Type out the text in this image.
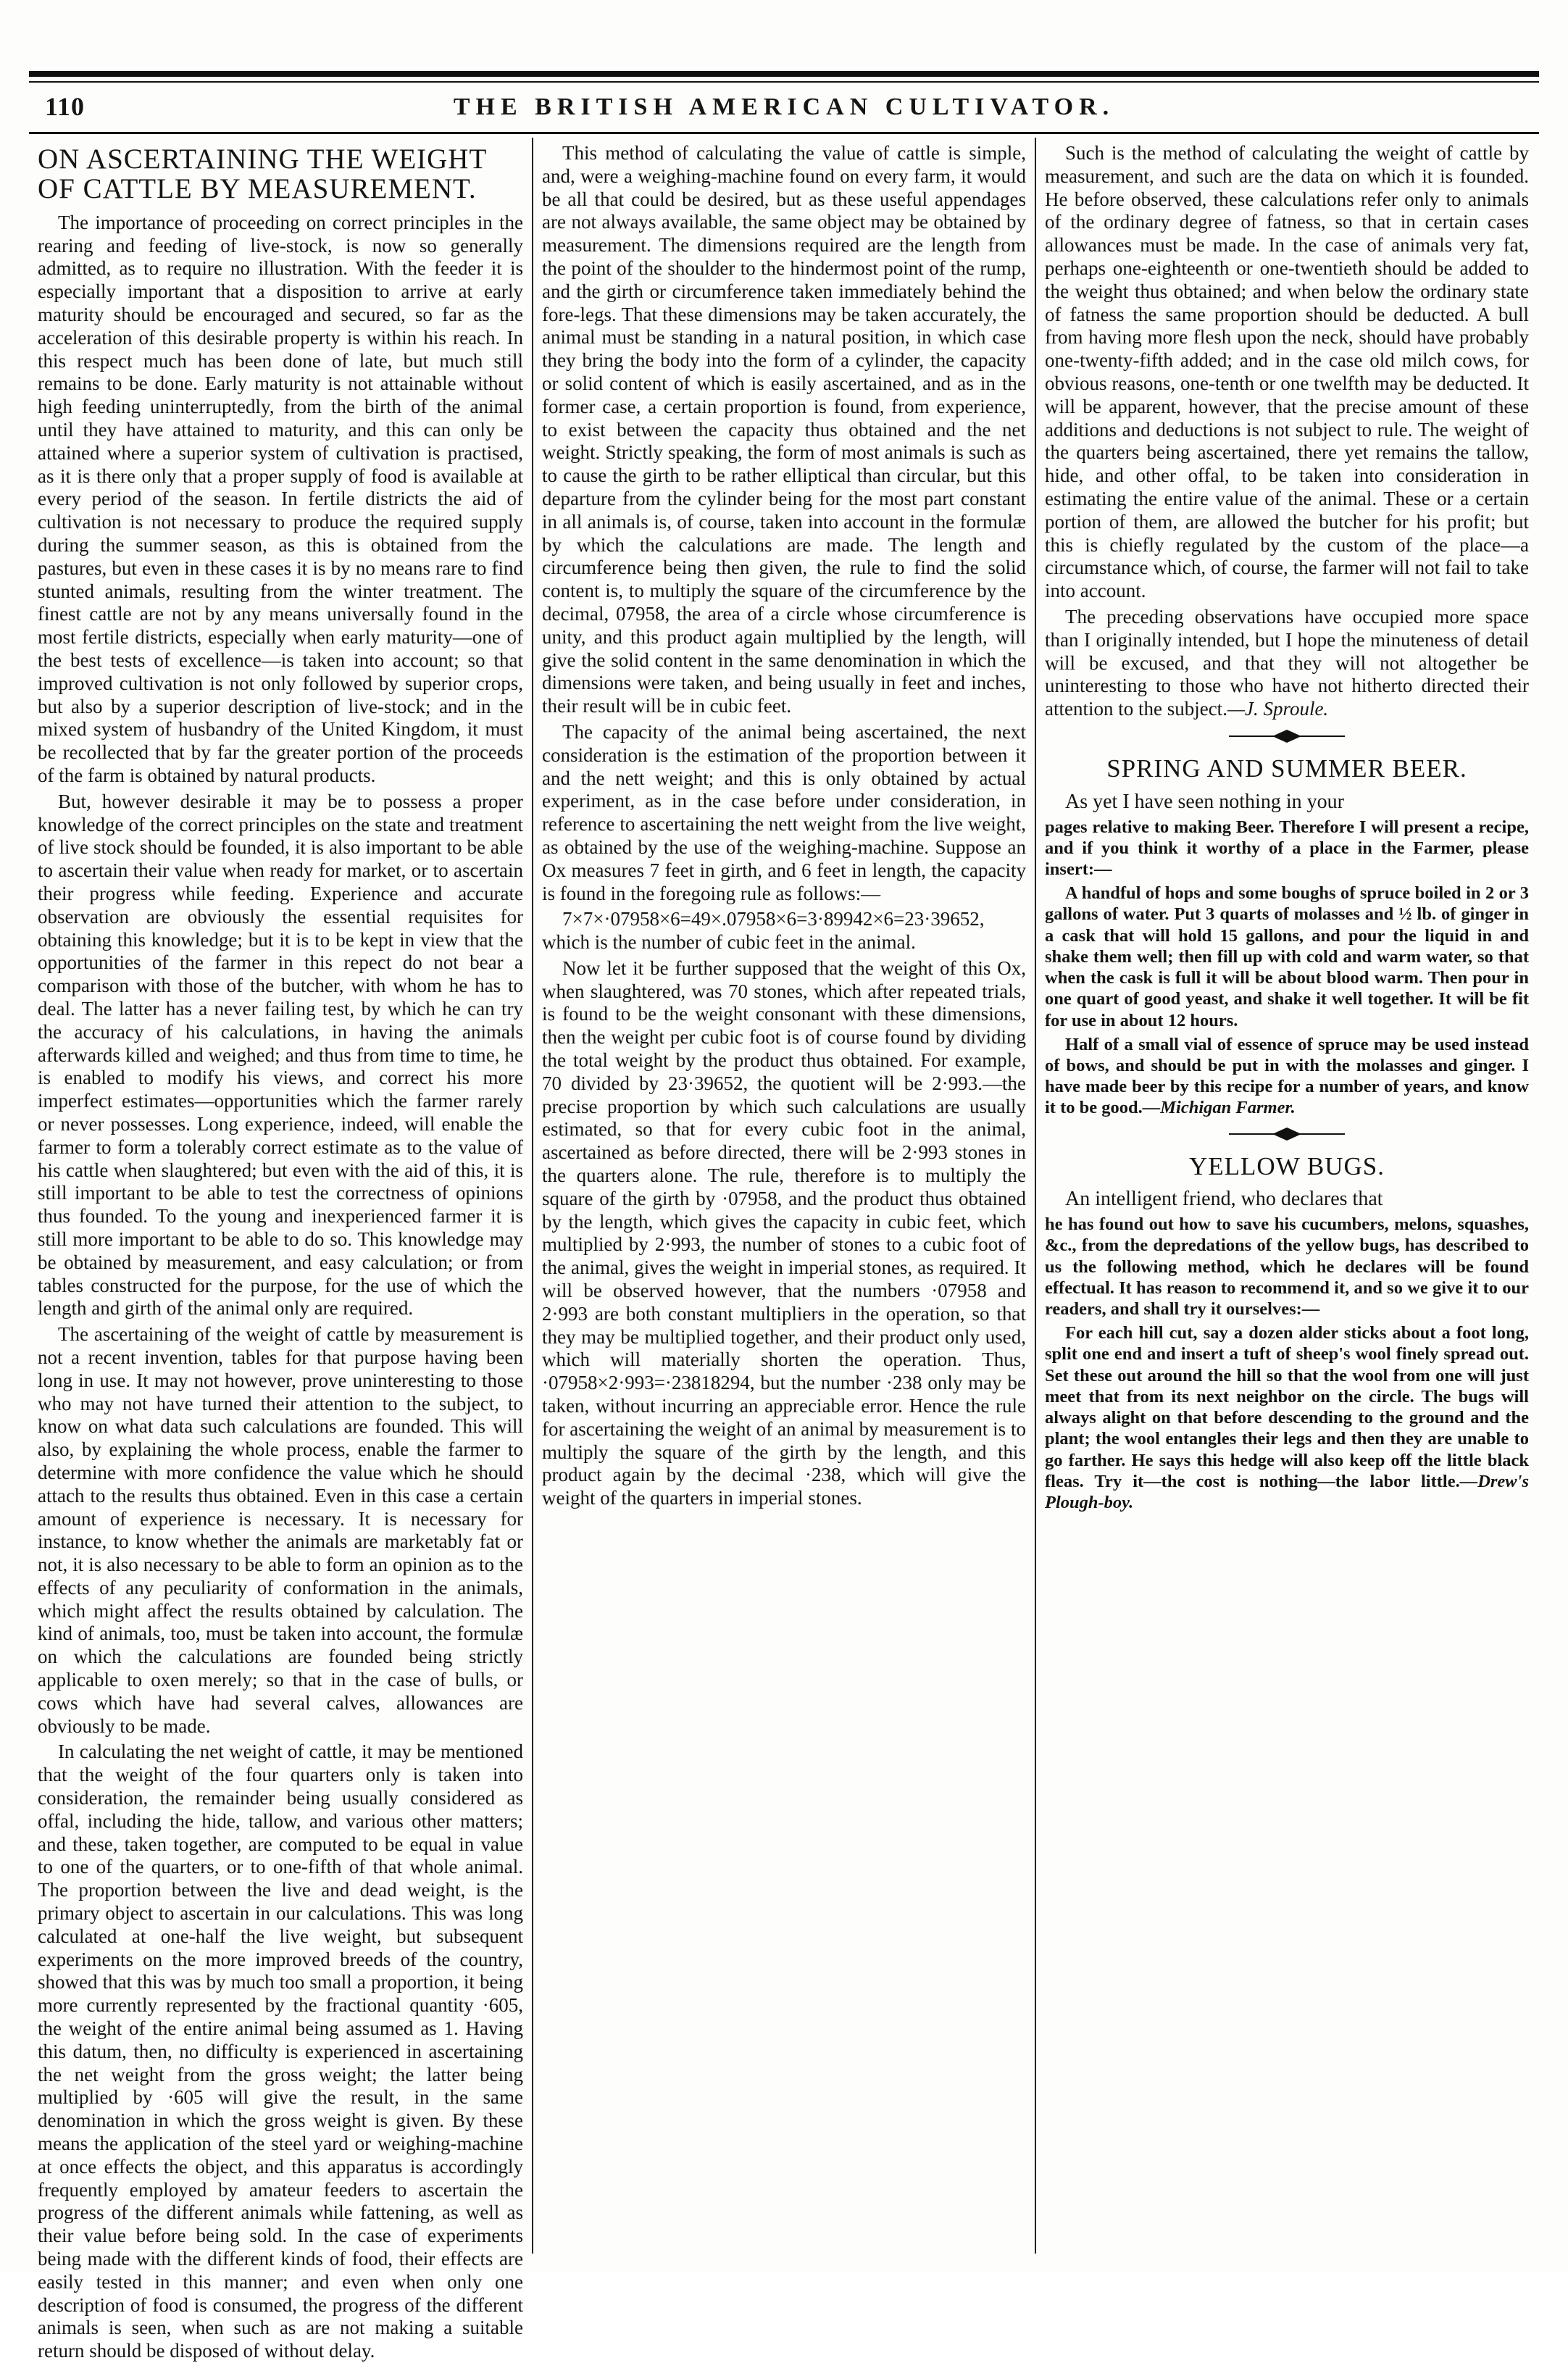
110	THE BRITISH AMERICAN CULTIVATOR.
ON ASCERTAINING THE WEIGHT OF CATTLE BY MEASUREMENT.

The importance of proceeding on correct principles in the rearing and feeding of live-stock, is now so generally admitted, as to require no illustration. With the feeder it is especially important that a disposition to arrive at early maturity should be encouraged and secured, so far as the acceleration of this desirable property is within his reach. In this respect much has been done of late, but much still remains to be done. Early maturity is not attainable without high feeding uninterruptedly, from the birth of the animal until they have attained to maturity, and this can only be attained where a superior system of cultivation is practised, as it is there only that a proper supply of food is available at every period of the season. In fertile districts the aid of cultivation is not necessary to produce the required supply during the summer season, as this is obtained from the pastures, but even in these cases it is by no means rare to find stunted animals, resulting from the winter treatment. The finest cattle are not by any means universally found in the most fertile districts, especially when early maturity—one of the best tests of excellence—is taken into account; so that improved cultivation is not only followed by superior crops, but also by a superior description of live-stock; and in the mixed system of husbandry of the United Kingdom, it must be recollected that by far the greater portion of the proceeds of the farm is obtained by natural products.

But, however desirable it may be to possess a proper knowledge of the correct principles on the state and treatment of live stock should be founded, it is also important to be able to ascertain their value when ready for market, or to ascertain their progress while feeding. Experience and accurate observation are obviously the essential requisites for obtaining this knowledge; but it is to be kept in view that the opportunities of the farmer in this repect do not bear a comparison with those of the butcher, with whom he has to deal. The latter has a never failing test, by which he can try the accuracy of his calculations, in having the animals afterwards killed and weighed; and thus from time to time, he is enabled to modify his views, and correct his more imperfect estimates—opportunities which the farmer rarely or never possesses. Long experience, indeed, will enable the farmer to form a tolerably correct estimate as to the value of his cattle when slaughtered; but even with the aid of this, it is still important to be able to test the correctness of opinions thus founded. To the young and inexperienced farmer it is still more important to be able to do so. This knowledge may be obtained by measurement, and easy calculation; or from tables constructed for the purpose, for the use of which the length and girth of the animal only are required.

The ascertaining of the weight of cattle by measurement is not a recent invention, tables for that purpose having been long in use. It may not however, prove uninteresting to those who may not have turned their attention to the subject, to know on what data such calculations are founded. This will also, by explaining the whole process, enable the farmer to determine with more confidence the value which he should attach to the results thus obtained. Even in this case a certain amount of experience is necessary. It is necessary for instance, to know whether the animals are marketably fat or not, it is also necessary to be able to form an opinion as to the effects of any peculiarity of conformation in the animals, which might affect the results obtained by calculation. The kind of animals, too, must be taken into account, the formulæ on which the calculations are founded being strictly applicable to oxen merely; so that in the case of bulls, or cows which have had several calves, allowances are obviously to be made.

In calculating the net weight of cattle, it may be mentioned that the weight of the four quarters only is taken into consideration, the remainder being usually considered as offal, including the hide, tallow, and various other matters; and these, taken together, are computed to be equal in value to one of the quarters, or to one-fifth of that whole animal. The proportion between the live and dead weight, is the primary object to ascertain in our calculations. This was long calculated at one-half the live weight, but subsequent experiments on the more improved breeds of the country, showed that this was by much too small a proportion, it being more currently represented by the fractional quantity ·605, the weight of the entire animal being assumed as 1. Having this datum, then, no difficulty is experienced in ascertaining the net weight from the gross weight; the latter being multiplied by ·605 will give the result, in the same denomination in which the gross weight is given. By these means the application of the steel yard or weighing-machine at once effects the object, and this apparatus is accordingly frequently employed by amateur feeders to ascertain the progress of the different animals while fattening, as well as their value before being sold. In the case of experiments being made with the different kinds of food, their effects are easily tested in this manner; and even when only one description of food is consumed, the progress of the different animals is seen, when such as are not making a suitable return should be disposed of without delay.

This method of calculating the value of cattle is simple, and, were a weighing-machine found on every farm, it would be all that could be desired, but as these useful appendages are not always available, the same object may be obtained by measurement. The dimensions required are the length from the point of the shoulder to the hindermost point of the rump, and the girth or circumference taken immediately behind the fore-legs. That these dimensions may be taken accurately, the animal must be standing in a natural position, in which case they bring the body into the form of a cylinder, the capacity or solid content of which is easily ascertained, and as in the former case, a certain proportion is found, from experience, to exist between the capacity thus obtained and the net weight. Strictly speaking, the form of most animals is such as to cause the girth to be rather elliptical than circular, but this departure from the cylinder being for the most part constant in all animals is, of course, taken into account in the formulæ by which the calculations are made. The length and circumference being then given, the rule to find the solid content is, to multiply the square of the circumference by the decimal, 07958, the area of a circle whose circumference is unity, and this product again multiplied by the length, will give the solid content in the same denomination in which the dimensions were taken, and being usually in feet and inches, their result will be in cubic feet.

The capacity of the animal being ascertained, the next consideration is the estimation of the proportion between it and the nett weight; and this is only obtained by actual experiment, as in the case before under consideration, in reference to ascertaining the nett weight from the live weight, as obtained by the use of the weighing-machine. Suppose an Ox measures 7 feet in girth, and 6 feet in length, the capacity is found in the foregoing rule as follows:—

7×7×·07958×6=49×.07958×6=3·89942×6=23·39652, which is the number of cubic feet in the animal.

Now let it be further supposed that the weight of this Ox, when slaughtered, was 70 stones, which after repeated trials, is found to be the weight consonant with these dimensions, then the weight per cubic foot is of course found by dividing the total weight by the product thus obtained. For example, 70 divided by 23·39652, the quotient will be 2·993.—the precise proportion by which such calculations are usually estimated, so that for every cubic foot in the animal, ascertained as before directed, there will be 2·993 stones in the quarters alone. The rule, therefore is to multiply the square of the girth by ·07958, and the product thus obtained by the length, which gives the capacity in cubic feet, which multiplied by 2·993, the number of stones to a cubic foot of the animal, gives the weight in imperial stones, as required. It will be observed however, that the numbers ·07958 and 2·993 are both constant multipliers in the operation, so that they may be multiplied together, and their product only used, which will materially shorten the operation. Thus, ·07958×2·993=·23818294, but the number ·238 only may be taken, without incurring an appreciable error. Hence the rule for ascertaining the weight of an animal by measurement is to multiply the square of the girth by the length, and this product again by the decimal ·238, which will give the weight of the quarters in imperial stones.

Such is the method of calculating the weight of cattle by measurement, and such are the data on which it is founded. He before observed, these calculations refer only to animals of the ordinary degree of fatness, so that in certain cases allowances must be made. In the case of animals very fat, perhaps one-eighteenth or one-twentieth should be added to the weight thus obtained; and when below the ordinary state of fatness the same proportion should be deducted. A bull from having more flesh upon the neck, should have probably one-twenty-fifth added; and in the case old milch cows, for obvious reasons, one-tenth or one twelfth may be deducted. It will be apparent, however, that the precise amount of these additions and deductions is not subject to rule. The weight of the quarters being ascertained, there yet remains the tallow, hide, and other offal, to be taken into consideration in estimating the entire value of the animal. These or a certain portion of them, are allowed the butcher for his profit; but this is chiefly regulated by the custom of the place—a circumstance which, of course, the farmer will not fail to take into account.

The preceding observations have occupied more space than I originally intended, but I hope the minuteness of detail will be excused, and that they will not altogether be uninteresting to those who have not hitherto directed their attention to the subject.—J. Sproule.

SPRING AND SUMMER BEER.

As yet I have seen nothing in your

pages relative to making Beer. Therefore I will present a recipe, and if you think it worthy of a place in the Farmer, please insert:—

A handful of hops and some boughs of spruce boiled in 2 or 3 gallons of water. Put 3 quarts of molasses and ½ lb. of ginger in a cask that will hold 15 gallons, and pour the liquid in and shake them well; then fill up with cold and warm water, so that when the cask is full it will be about blood warm. Then pour in one quart of good yeast, and shake it well together. It will be fit for use in about 12 hours.

Half of a small vial of essence of spruce may be used instead of bows, and should be put in with the molasses and ginger. I have made beer by this recipe for a number of years, and know it to be good.—Michigan Farmer.

YELLOW BUGS.

An intelligent friend, who declares that

he has found out how to save his cucumbers, melons, squashes, &c., from the depredations of the yellow bugs, has described to us the following method, which he declares will be found effectual. It has reason to recommend it, and so we give it to our readers, and shall try it ourselves:—

For each hill cut, say a dozen alder sticks about a foot long, split one end and insert a tuft of sheep's wool finely spread out. Set these out around the hill so that the wool from one will just meet that from its next neighbor on the circle. The bugs will always alight on that before descending to the ground and the plant; the wool entangles their legs and then they are unable to go farther. He says this hedge will also keep off the little black fleas. Try it—the cost is nothing—the labor little.—Drew's Plough-boy.
